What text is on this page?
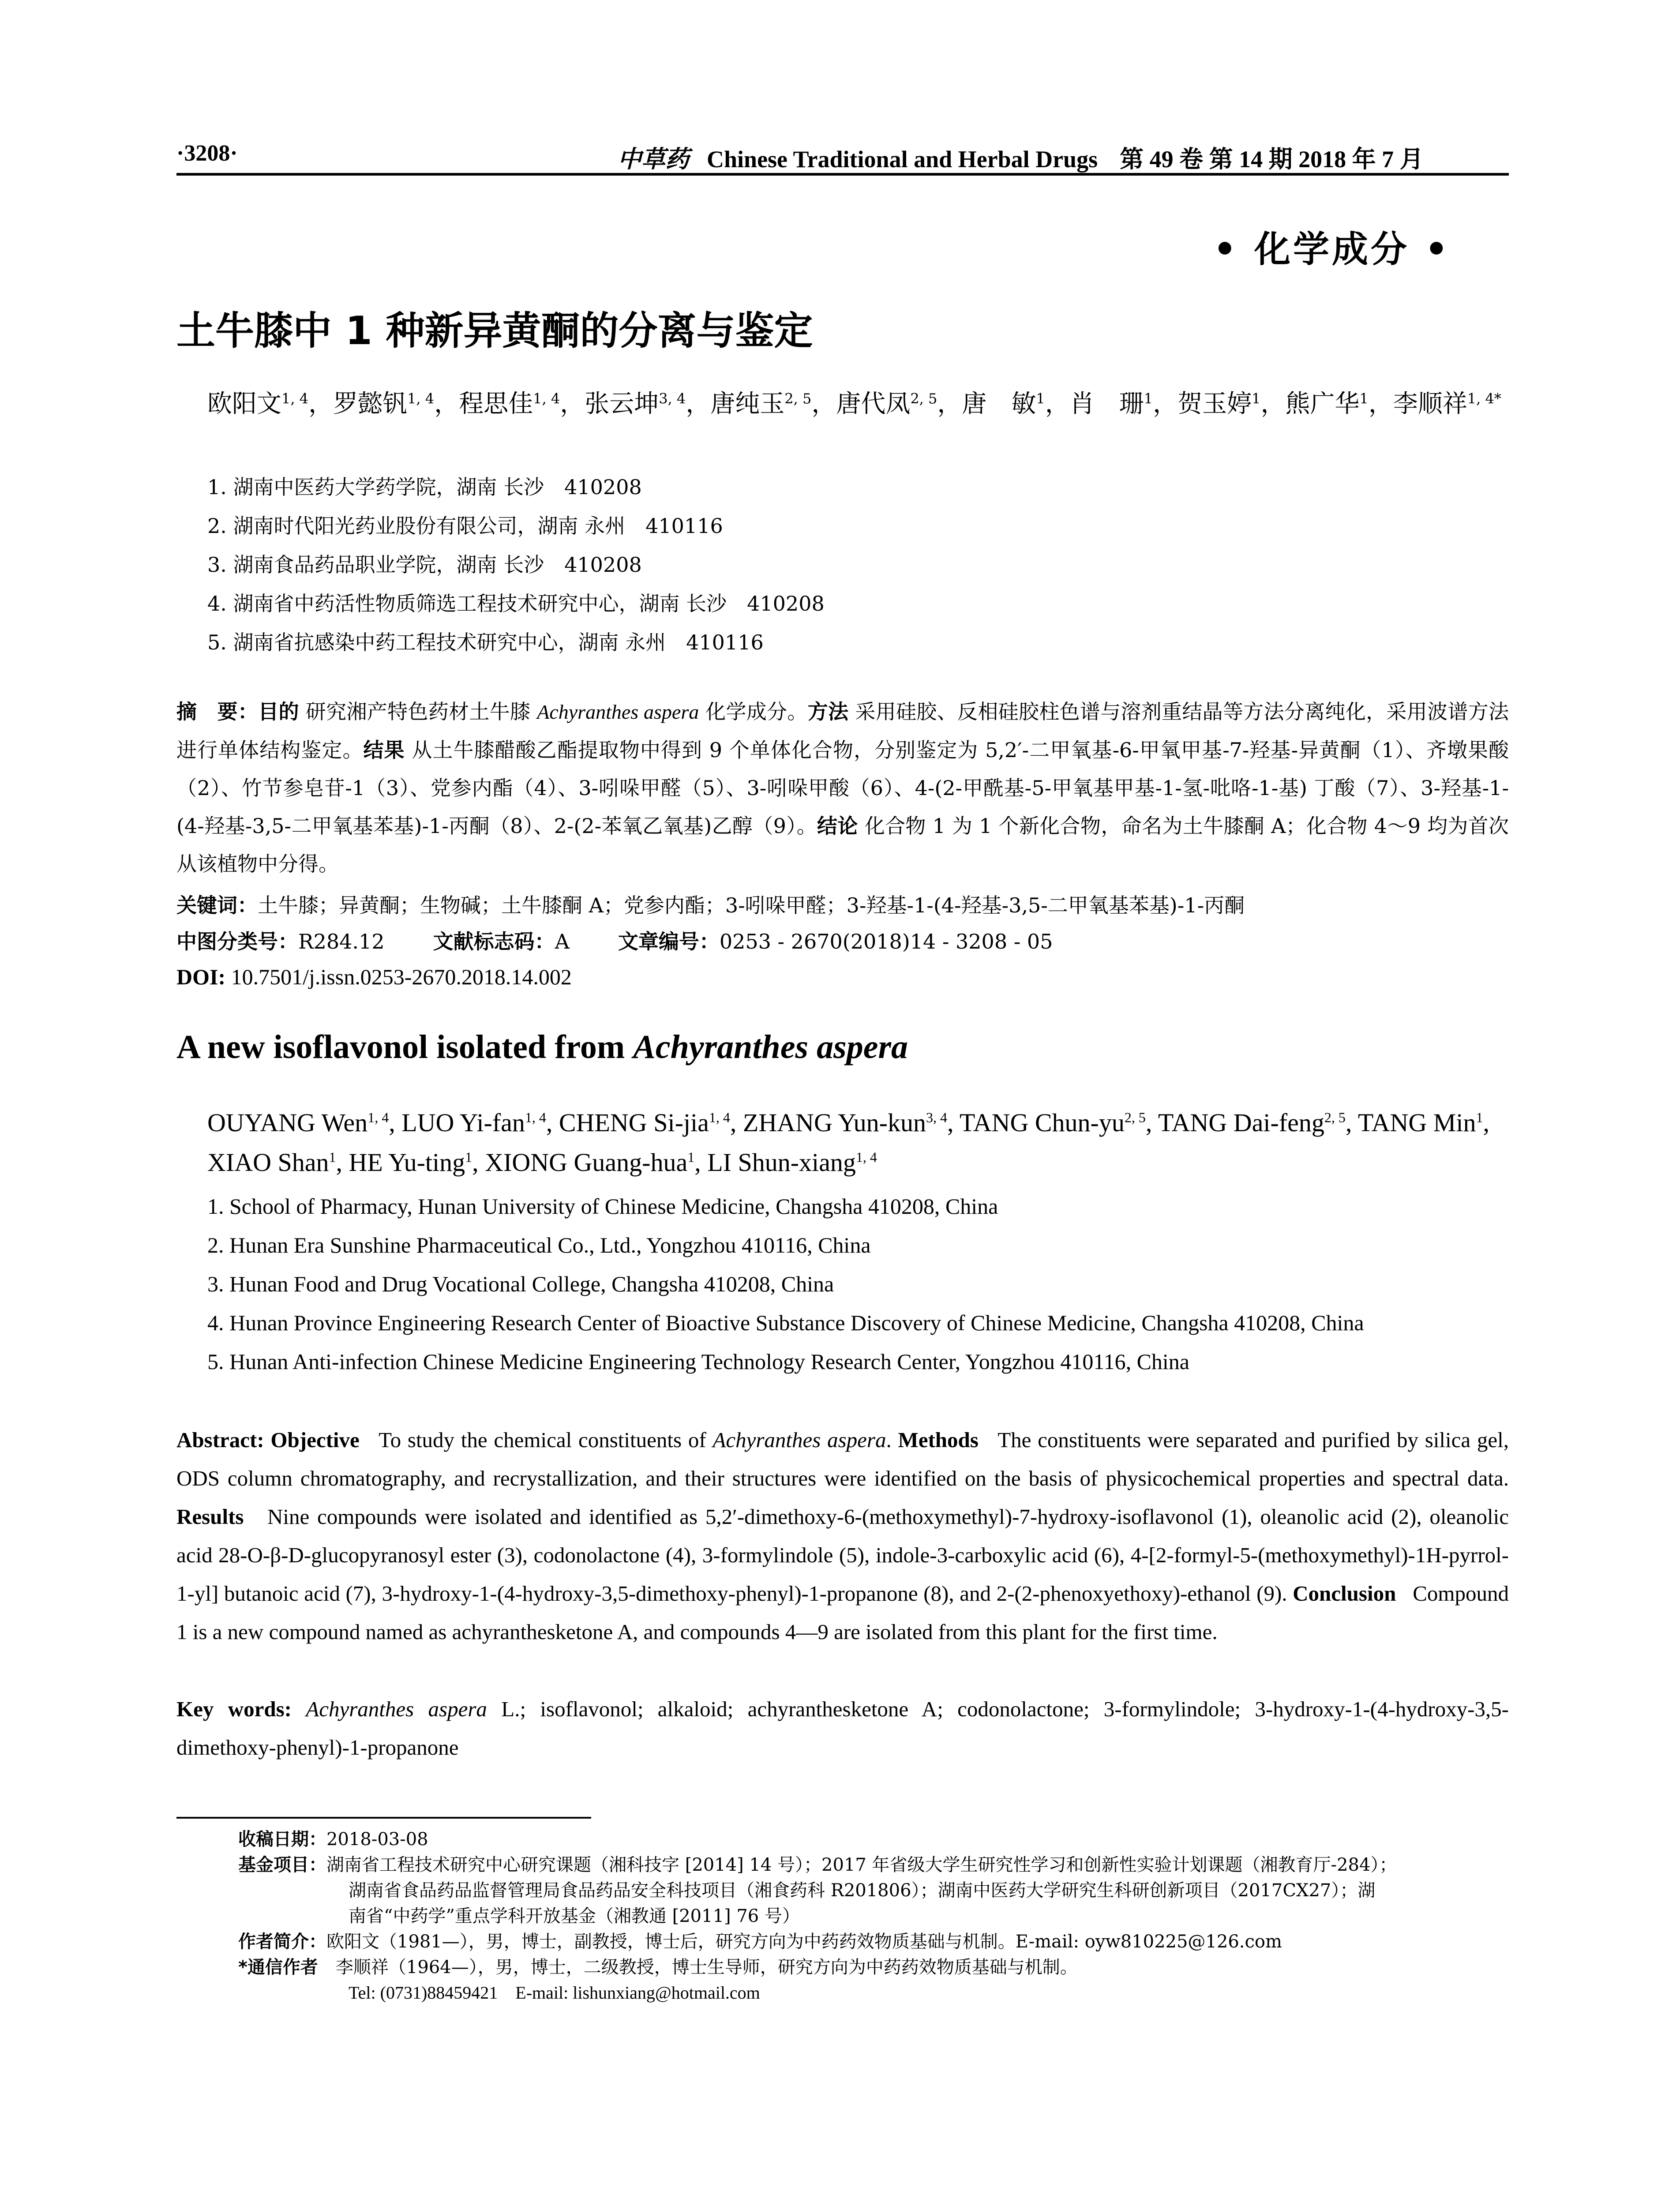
·3208·	中草药 Chinese Traditional and Herbal Drugs 第 49 卷 第 14 期 2018 年 7 月
• 化学成分 •
土牛膝中 1 种新异黄酮的分离与鉴定
欧阳文$^{1, 4}$，罗懿钒$^{1, 4}$，程思佳$^{1, 4}$，张云坤$^{3, 4}$，唐纯玉$^{2, 5}$，唐代凤$^{2, 5}$，唐　敏$^1$，肖　珊$^1$，贺玉婷$^1$，熊广华$^1$，李顺祥$^{1, 4*}$
1. 湖南中医药大学药学院，湖南 长沙　410208
2. 湖南时代阳光药业股份有限公司，湖南 永州　410116
3. 湖南食品药品职业学院，湖南 长沙　410208
4. 湖南省中药活性物质筛选工程技术研究中心，湖南 长沙　410208
5. 湖南省抗感染中药工程技术研究中心，湖南 永州　410116
摘　要：目的 研究湘产特色药材土牛膝 Achyranthes aspera 化学成分。方法 采用硅胶、反相硅胶柱色谱与溶剂重结晶等方法分离纯化，采用波谱方法进行单体结构鉴定。结果 从土牛膝醋酸乙酯提取物中得到 9 个单体化合物，分别鉴定为 5,2′-二甲氧基-6-甲氧甲基-7-羟基-异黄酮（1）、齐墩果酸（2）、竹节参皂苷-1（3）、党参内酯（4）、3-吲哚甲醛（5）、3-吲哚甲酸（6）、4-(2-甲酰基-5-甲氧基甲基-1-氢-吡咯-1-基) 丁酸（7）、3-羟基-1-(4-羟基-3,5-二甲氧基苯基)-1-丙酮（8）、2-(2-苯氧乙氧基)乙醇（9）。结论 化合物 1 为 1 个新化合物，命名为土牛膝酮 A；化合物 4～9 均为首次从该植物中分得。
关键词：土牛膝；异黄酮；生物碱；土牛膝酮 A；党参内酯；3-吲哚甲醛；3-羟基-1-(4-羟基-3,5-二甲氧基苯基)-1-丙酮
中图分类号：R284.12 文献标志码：A 文章编号：0253 - 2670(2018)14 - 3208 - 05
DOI: 10.7501/j.issn.0253-2670.2018.14.002
A new isoflavonol isolated from Achyranthes aspera
OUYANG Wen$^{1, 4}$, LUO Yi-fan$^{1, 4}$, CHENG Si-jia$^{1, 4}$, ZHANG Yun-kun$^{3, 4}$, TANG Chun-yu$^{2, 5}$, TANG Dai-feng$^{2, 5}$, TANG Min$^1$, XIAO Shan$^1$, HE Yu-ting$^1$, XIONG Guang-hua$^1$, LI Shun-xiang$^{1, 4}$
1. School of Pharmacy, Hunan University of Chinese Medicine, Changsha 410208, China
2. Hunan Era Sunshine Pharmaceutical Co., Ltd., Yongzhou 410116, China
3. Hunan Food and Drug Vocational College, Changsha 410208, China
4. Hunan Province Engineering Research Center of Bioactive Substance Discovery of Chinese Medicine, Changsha 410208, China
5. Hunan Anti-infection Chinese Medicine Engineering Technology Research Center, Yongzhou 410116, China
Abstract: Objective To study the chemical constituents of Achyranthes aspera. Methods The constituents were separated and purified by silica gel, ODS column chromatography, and recrystallization, and their structures were identified on the basis of physicochemical properties and spectral data. Results Nine compounds were isolated and identified as 5,2′-dimethoxy-6-(methoxymethyl)-7-hydroxy-isoflavonol (1), oleanolic acid (2), oleanolic acid 28-O-β-D-glucopyranosyl ester (3), codonolactone (4), 3-formylindole (5), indole-3-carboxylic acid (6), 4-[2-formyl-5-(methoxymethyl)-1H-pyrrol-1-yl] butanoic acid (7), 3-hydroxy-1-(4-hydroxy-3,5-dimethoxy-phenyl)-1-propanone (8), and 2-(2-phenoxyethoxy)-ethanol (9). Conclusion Compound 1 is a new compound named as achyranthesketone A, and compounds 4—9 are isolated from this plant for the first time.
Key words: Achyranthes aspera L.; isoflavonol; alkaloid; achyranthesketone A; codonolactone; 3-formylindole; 3-hydroxy-1-(4-hydroxy-3,5-dimethoxy-phenyl)-1-propanone
收稿日期： 2018-03-08
基金项目： 湖南省工程技术研究中心研究课题（湘科技字 [2014] 14 号）；2017 年省级大学生研究性学习和创新性实验计划课题（湘教育厅-284）；
湖南省食品药品监督管理局食品药品安全科技项目（湘食药科 R201806）；湖南中医药大学研究生科研创新项目（2017CX27）；湖
南省“中药学”重点学科开放基金（湘教通 [2011] 76 号）
作者简介： 欧阳文（1981—），男，博士，副教授，博士后，研究方向为中药药效物质基础与机制。E-mail: oyw810225@126.com
*通信作者　 李顺祥（1964—），男，博士，二级教授，博士生导师，研究方向为中药药效物质基础与机制。
Tel: (0731)88459421　E-mail: lishunxiang@hotmail.com
